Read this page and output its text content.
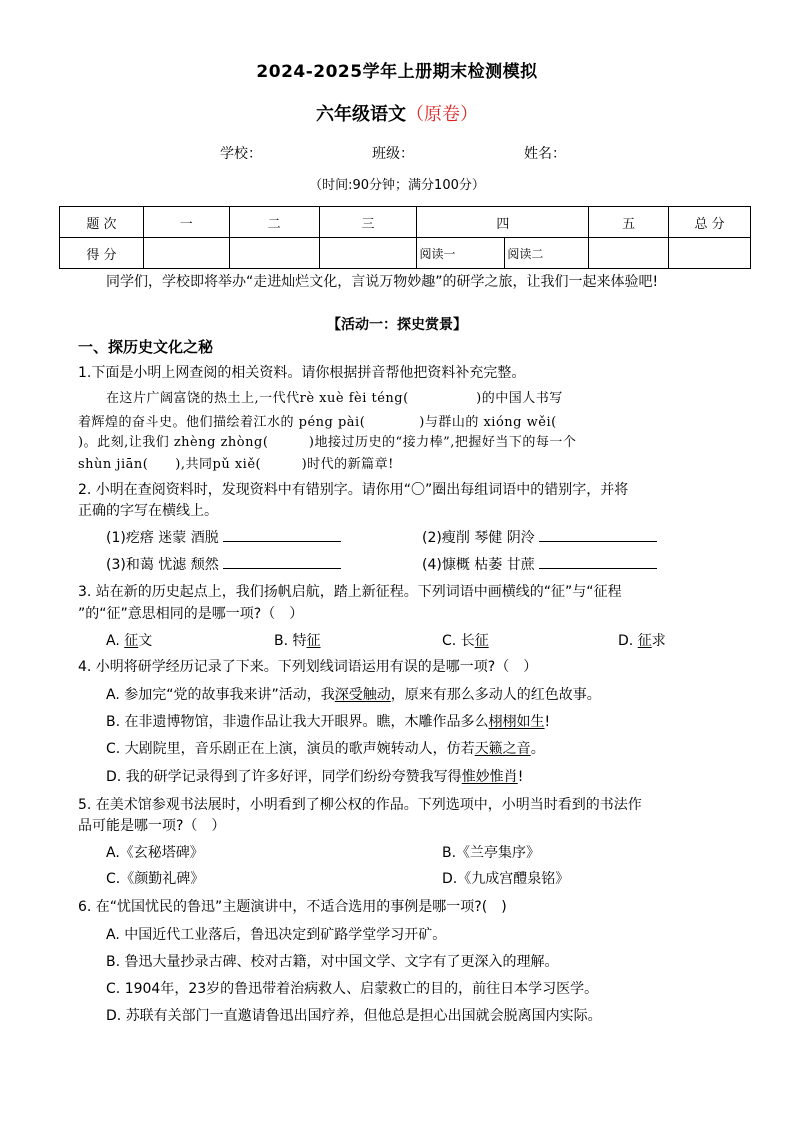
2024-2025学年上册期末检测模拟
六年级语文（原卷）
学校：	班级：	姓名：
（时间:90分钟；满分100分）
题 次	一	二	三	四		五	总 分
得 分				阅读一	阅读二		
同学们，学校即将举办“走进灿烂文化，言说万物妙趣”的研学之旅，让我们一起来体验吧!
【活动一：探史赏景】
一、探历史文化之秘
1.下面是小明上网查阅的相关资料。请你根据拼音帮他把资料补充完整。
在这片广阔富饶的热土上,一代代rè xuè fèi téng(　　　　　)的中国人书写
着辉煌的奋斗史。他们描绘着江水的 péng pài(　　　　)与群山的 xióng wěi(
)。此刻,让我们 zhèng zhòng(　　　)地接过历史的“接力棒”,把握好当下的每一个
shùn jiān(　　),共同pǔ xiě(　　　)时代的新篇章!
2. 小明在查阅资料时，发现资料中有错别字。请你用“〇”圈出每组词语中的错别字，并将
正确的字写在横线上。
(1)疙瘩 迷蒙 酒脱	(2)瘦削 琴健 阴泠
(3)和蔼 忧滤 颓然	(4)慷概 枯萎 甘蔗
3. 站在新的历史起点上，我们扬帆启航，踏上新征程。下列词语中画横线的“征”与“征程
”的“征”意思相同的是哪一项?（　）
A. 征文	B. 特征	C. 长征	D. 征求
4. 小明将研学经历记录了下来。下列划线词语运用有误的是哪一项?（　）
A. 参加完“党的故事我来讲”活动，我深受触动，原来有那么多动人的红色故事。
B. 在非遗博物馆，非遗作品让我大开眼界。瞧，木雕作品多么栩栩如生!
C. 大剧院里，音乐剧正在上演，演员的歌声婉转动人，仿若天籁之音。
D. 我的研学记录得到了许多好评，同学们纷纷夸赞我写得惟妙惟肖!
5. 在美术馆参观书法展时，小明看到了柳公权的作品。下列选项中，小明当时看到的书法作
品可能是哪一项?（　）
A.《玄秘塔碑》	B.《兰亭集序》
C.《颜勤礼碑》	D.《九成宫醴泉铭》
6. 在“忧国忧民的鲁迅”主题演讲中，不适合选用的事例是哪一项?(　)
A. 中国近代工业落后，鲁迅决定到矿路学堂学习开矿。
B. 鲁迅大量抄录古碑、校对古籍，对中国文学、文字有了更深入的理解。
C. 1904年，23岁的鲁迅带着治病救人、启蒙救亡的目的，前往日本学习医学。
D. 苏联有关部门一直邀请鲁迅出国疗养，但他总是担心出国就会脱离国内实际。
